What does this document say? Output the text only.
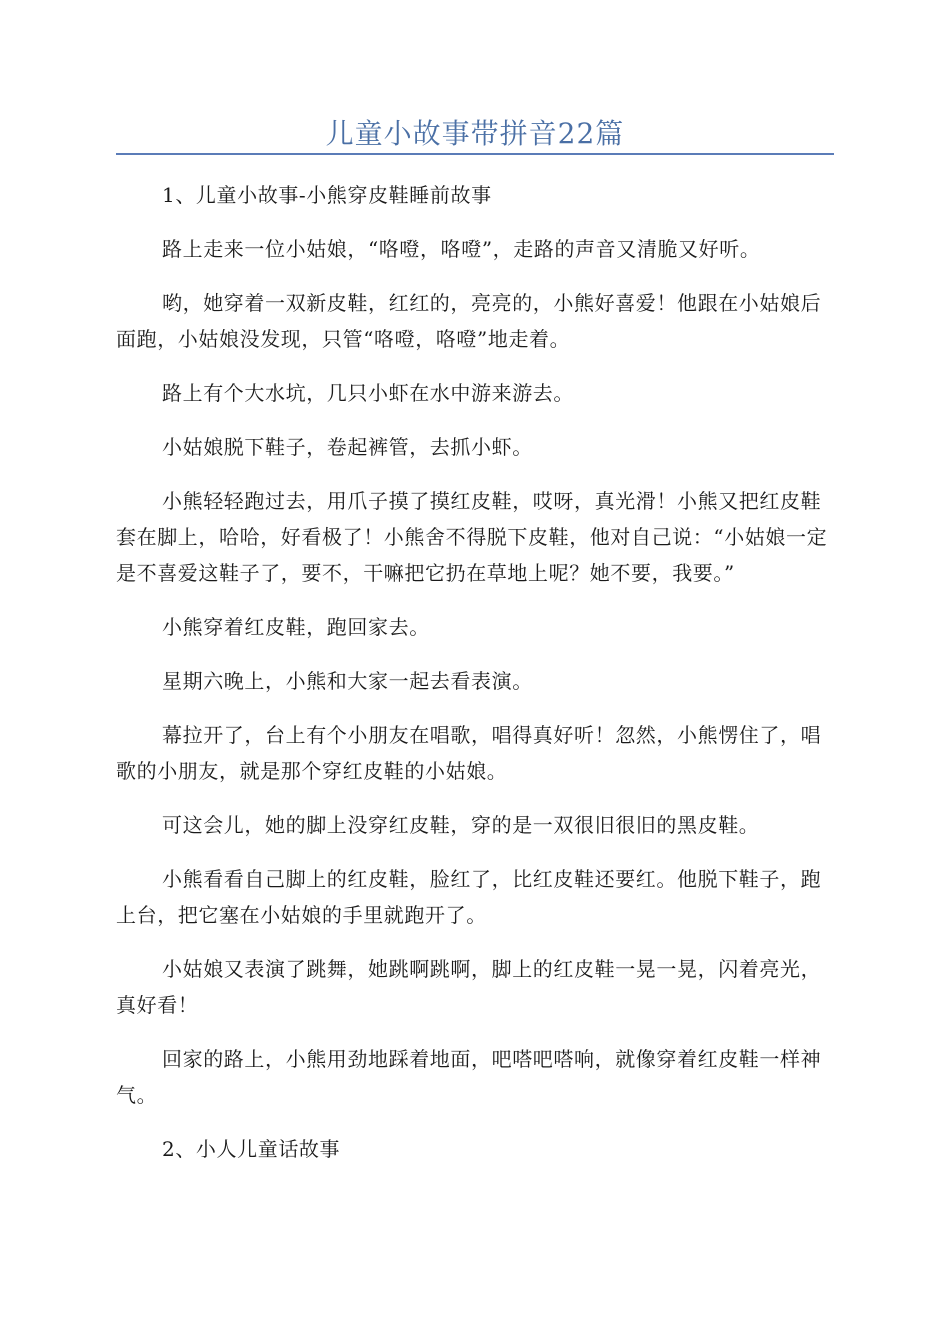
儿童小故事带拼音22篇

1、儿童小故事-小熊穿皮鞋睡前故事

路上走来一位小姑娘，“咯噔，咯噔”，走路的声音又清脆又好听。

哟，她穿着一双新皮鞋，红红的，亮亮的，小熊好喜爱！他跟在小姑娘后面跑，小姑娘没发现，只管“咯噔，咯噔”地走着。

路上有个大水坑，几只小虾在水中游来游去。

小姑娘脱下鞋子，卷起裤管，去抓小虾。

小熊轻轻跑过去，用爪子摸了摸红皮鞋，哎呀，真光滑！小熊又把红皮鞋套在脚上，哈哈，好看极了！小熊舍不得脱下皮鞋，他对自己说：“小姑娘一定是不喜爱这鞋子了，要不，干嘛把它扔在草地上呢？她不要，我要。”

小熊穿着红皮鞋，跑回家去。

星期六晚上，小熊和大家一起去看表演。

幕拉开了，台上有个小朋友在唱歌，唱得真好听！忽然，小熊愣住了，唱歌的小朋友，就是那个穿红皮鞋的小姑娘。

可这会儿，她的脚上没穿红皮鞋，穿的是一双很旧很旧的黑皮鞋。

小熊看看自己脚上的红皮鞋，脸红了，比红皮鞋还要红。他脱下鞋子，跑上台，把它塞在小姑娘的手里就跑开了。

小姑娘又表演了跳舞，她跳啊跳啊，脚上的红皮鞋一晃一晃，闪着亮光，真好看！

回家的路上，小熊用劲地踩着地面，吧嗒吧嗒响，就像穿着红皮鞋一样神气。

2、小人儿童话故事
